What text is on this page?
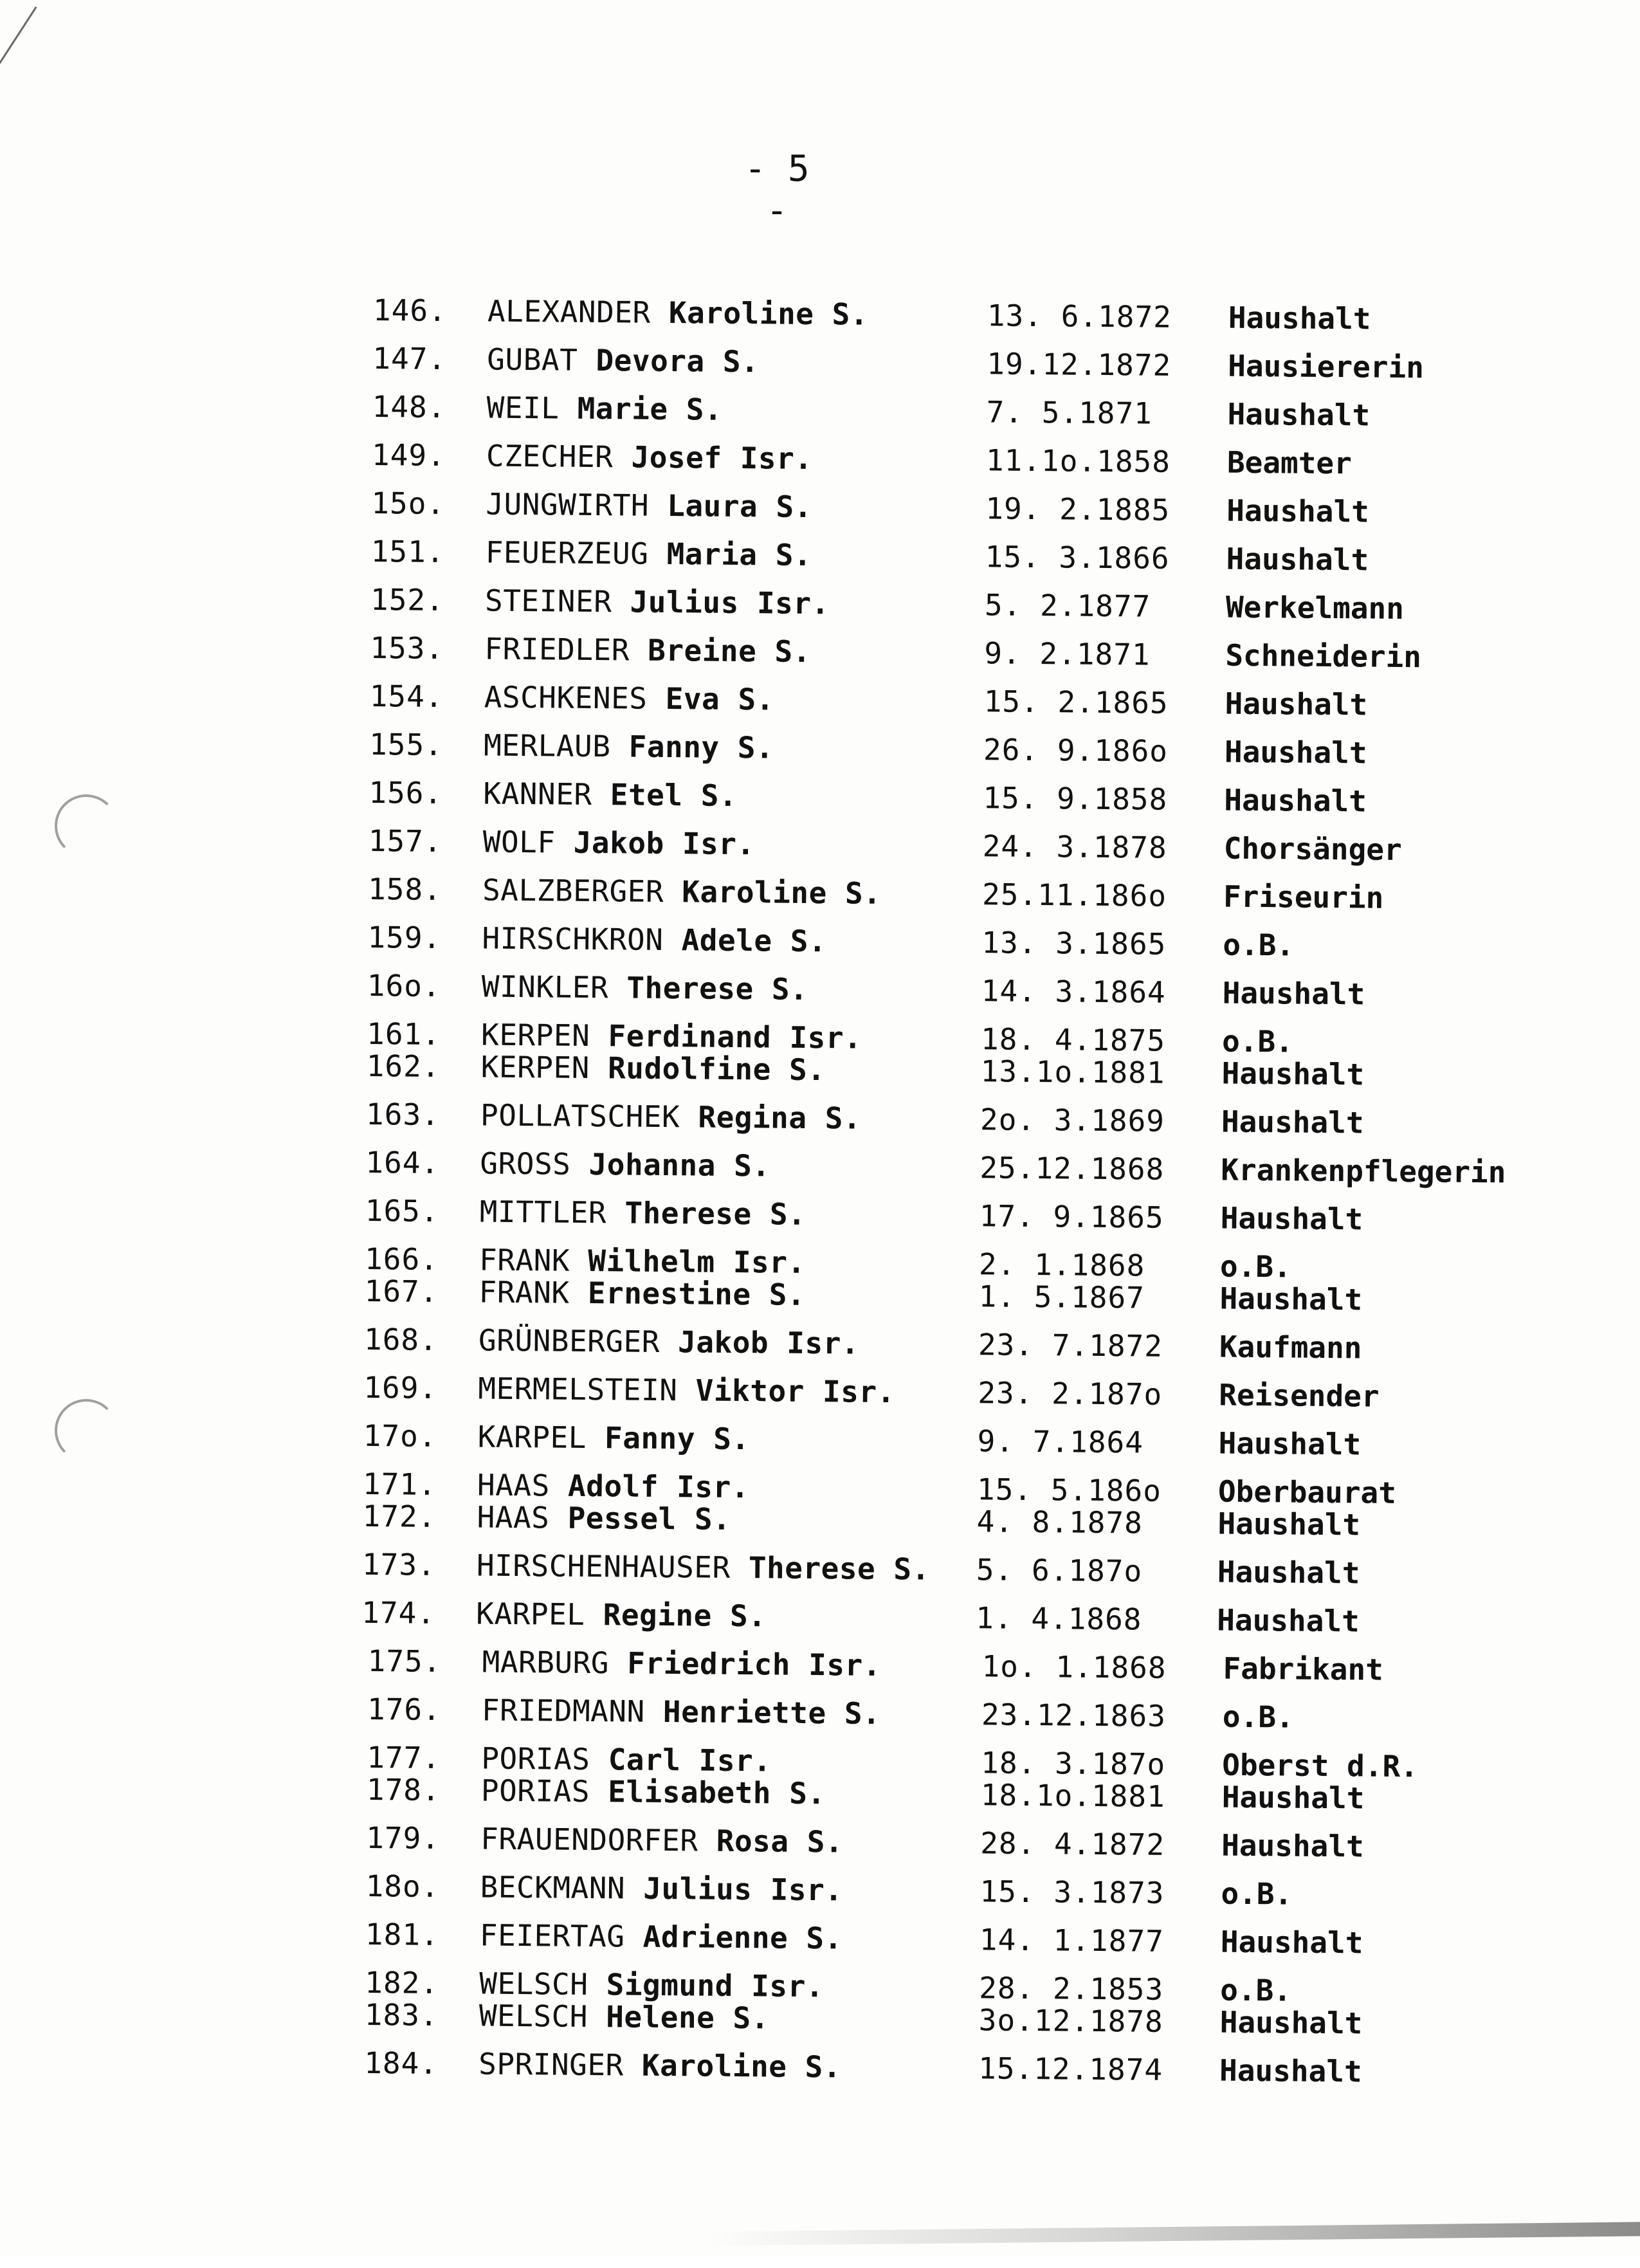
- 5 -
146.	ALEXANDER Karoline S.	13. 6.1872 Haushalt
147.	GUBAT Devora S.	19.12.1872 Hausiererin
148.	WEIL Marie S.	7. 5.1871	Haushalt
149.	CZECHER Josef Isr.	11.1o.1858 Beamter
15o.	JUNGWIRTH Laura S.	19. 2.1885 Haushalt
151.	FEUERZEUG Maria S.	15. 3.1866 Haushalt
152.	STEINER Julius Isr.	5. 2.1877	Werkelmann
153.	FRIEDLER Breine S.	9. 2.1871	Schneiderin
154.	ASCHKENES Eva S.	15. 2.1865 Haushalt
155.	MERLAUB Fanny S.	26. 9.186o Haushalt
156.	KANNER Etel S.	15. 9.1858 Haushalt
157.	WOLF Jakob Isr.	24. 3.1878 Chorsänger
158.	SALZBERGER Karoline S.	25.11.186o Friseurin
159.	HIRSCHKRON Adele S.	13. 3.1865 o.B.
16o.	WINKLER Therese S.	14. 3.1864 Haushalt
161.	KERPEN Ferdinand Isr.	18. 4.1875 o.B.
162.	KERPEN Rudolfine S.	13.1o.1881 Haushalt
163.	POLLATSCHEK Regina S.	2o. 3.1869 Haushalt
164.	GROSS Johanna S.	25.12.1868 Krankenpflegerin
165.	MITTLER Therese S.	17. 9.1865 Haushalt
166.	FRANK Wilhelm Isr.	2. 1.1868	o.B.
167.	FRANK Ernestine S.	1. 5.1867	Haushalt
168.	GRÜNBERGER Jakob Isr.	23. 7.1872 Kaufmann
169.	MERMELSTEIN Viktor Isr.	23. 2.187o Reisender
17o.	KARPEL Fanny S.	9. 7.1864	Haushalt
171.	HAAS Adolf Isr.	15. 5.186o Oberbaurat
172.	HAAS Pessel S.	4. 8.1878	Haushalt
173.	HIRSCHENHAUSER Therese S. 5. 6.187o	Haushalt
174.	KARPEL Regine S.	1. 4.1868	Haushalt
175.	MARBURG Friedrich Isr.	1o. 1.1868 Fabrikant
176.	FRIEDMANN Henriette S.	23.12.1863 o.B.
177.	PORIAS Carl Isr.	18. 3.187o Oberst d.R.
178.	PORIAS Elisabeth S.	18.1o.1881 Haushalt
179.	FRAUENDORFER Rosa S.	28. 4.1872 Haushalt
18o.	BECKMANN Julius Isr.	15. 3.1873 o.B.
181.	FEIERTAG Adrienne S.	14. 1.1877 Haushalt
182.	WELSCH Sigmund Isr.	28. 2.1853 o.B.
183.	WELSCH Helene S.	3o.12.1878 Haushalt
184.	SPRINGER Karoline S.	15.12.1874 Haushalt
